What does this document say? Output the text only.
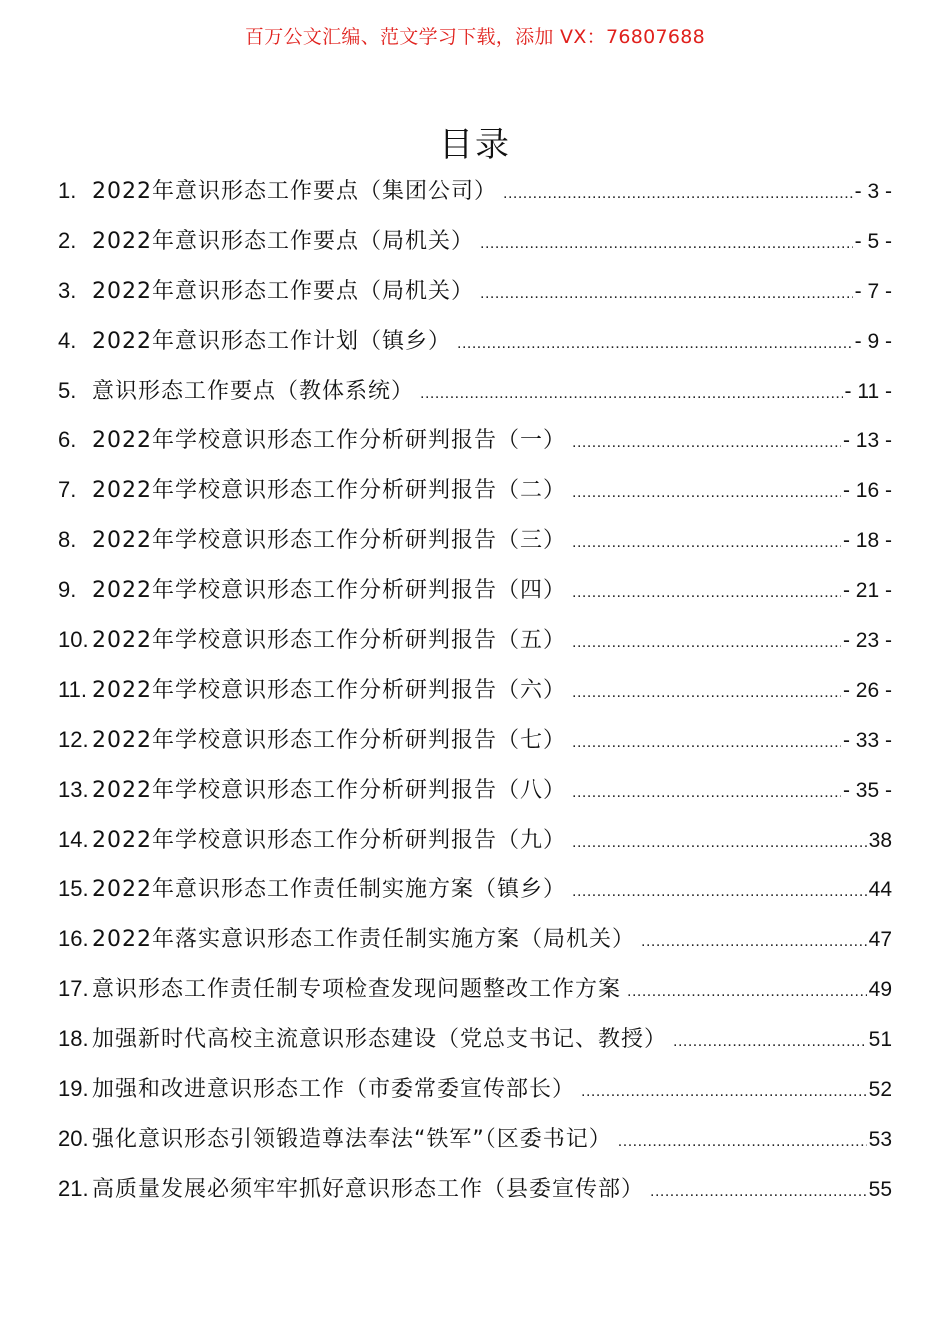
百万公文汇编、范文学习下载，添加 VX：76807688
目录
1. 2022年意识形态工作要点（集团公司） .....	- 3 -
2. 2022年意识形态工作要点（局机关） .....	- 5 -
3. 2022年意识形态工作要点（局机关） .....	- 7 -
4. 2022年意识形态工作计划（镇乡） .....	- 9 -
5. 意识形态工作要点（教体系统） .....	- 11 -
6. 2022年学校意识形态工作分析研判报告（一） .....	- 13 -
7. 2022年学校意识形态工作分析研判报告（二） .....	- 16 -
8. 2022年学校意识形态工作分析研判报告（三） .....	- 18 -
9. 2022年学校意识形态工作分析研判报告（四） .....	- 21 -
10. 2022年学校意识形态工作分析研判报告（五） .....	- 23 -
11. 2022年学校意识形态工作分析研判报告（六） .....	- 26 -
12. 2022年学校意识形态工作分析研判报告（七） .....	- 33 -
13. 2022年学校意识形态工作分析研判报告（八） .....	- 35 -
14. 2022年学校意识形态工作分析研判报告（九） .....	38
15. 2022年意识形态工作责任制实施方案（镇乡） .....	44
16. 2022年落实意识形态工作责任制实施方案（局机关） .....	47
17. 意识形态工作责任制专项检查发现问题整改工作方案 .....	49
18. 加强新时代高校主流意识形态建设（党总支书记、教授） .....	51
19. 加强和改进意识形态工作（市委常委宣传部长） .....	52
20. 强化意识形态引领锻造尊法奉法“铁军”（区委书记） .....	53
21. 高质量发展必须牢牢抓好意识形态工作（县委宣传部） .....	55
